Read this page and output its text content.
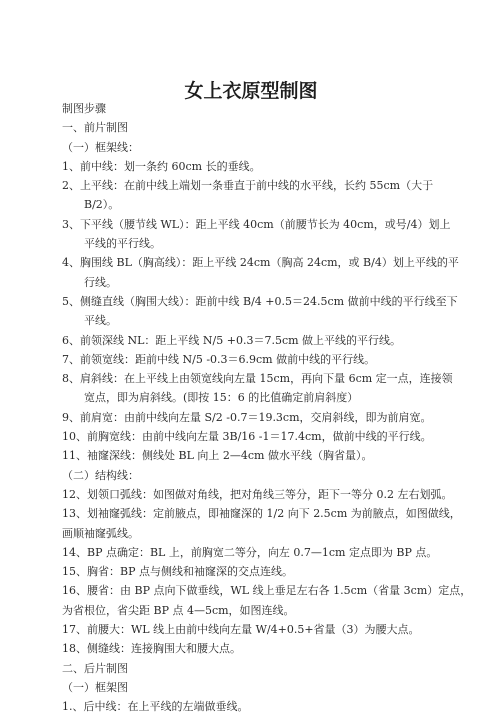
女上衣原型制图
制图步骤
一、前片制图
（一）框架线：
1、前中线：划一条约 60cm 长的垂线。
2、上平线：在前中线上端划一条垂直于前中线的水平线，长约 55cm（大于
B/2）。
3、下平线（腰节线 WL）：距上平线 40cm（前腰节长为 40cm，或号/4）划上
平线的平行线。
4、胸围线 BL（胸高线）：距上平线 24cm（胸高 24cm，或 B/4）划上平线的平
行线。
5、侧缝直线（胸围大线）：距前中线 B/4 +0.5＝24.5cm 做前中线的平行线至下
平线。
6、前领深线 NL：距上平线 N/5 +0.3＝7.5cm 做上平线的平行线。
7、前领宽线：距前中线 N/5 -0.3＝6.9cm 做前中线的平行线。
8、肩斜线：在上平线上由领宽线向左量 15cm，再向下量 6cm 定一点，连接领
宽点，即为肩斜线。(即按 15：6 的比值确定前肩斜度）
9、前肩宽：由前中线向左量 S/2 -0.7＝19.3cm，交肩斜线，即为前肩宽。
10、前胸宽线：由前中线向左量 3B/16 -1＝17.4cm，做前中线的平行线。
11、袖窿深线：侧线处 BL 向上 2—4cm 做水平线（胸省量）。
（二）结构线：
12、划领口弧线：如图做对角线，把对角线三等分，距下一等分 0.2 左右划弧。
13、划袖窿弧线：定前腋点，即袖窿深的 1/2 向下 2.5cm 为前腋点，如图做线，
画顺袖窿弧线。
14、BP 点确定：BL 上，前胸宽二等分，向左 0.7—1cm 定点即为 BP 点。
15、胸省：BP 点与侧线和袖窿深的交点连线。
16、腰省：由 BP 点向下做垂线，WL 线上垂足左右各 1.5cm（省量 3cm）定点，
为省根位，省尖距 BP 点 4—5cm，如图连线。
17、前腰大：WL 线上由前中线向左量 W/4+0.5+省量（3）为腰大点。
18、侧缝线：连接胸围大和腰大点。
二、后片制图
（一）框架图
1.、后中线：在上平线的左端做垂线。
